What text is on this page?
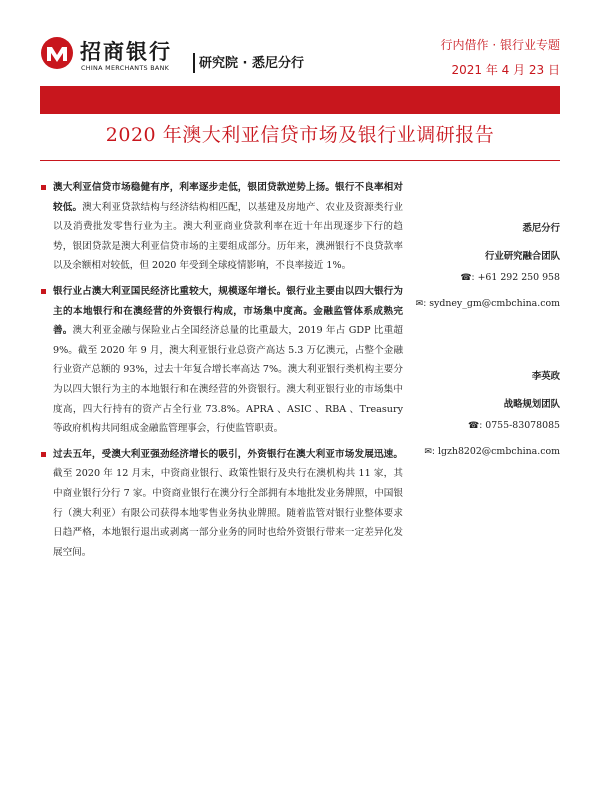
招商银行
CHINA MERCHANTS BANK 研究院 · 悉尼分行
行内借作 · 银行业专题
2021 年 4 月 23 日
2020 年澳大利亚信贷市场及银行业调研报告
澳大利亚信贷市场稳健有序，利率逐步走低，银团贷款逆势上扬。银行不良率相对较低。澳大利亚贷款结构与经济结构相匹配，以基建及房地产、农业及资源类行业以及消费批发零售行业为主。澳大利亚商业贷款利率在近十年出现逐步下行的趋势，银团贷款是澳大利亚信贷市场的主要组成部分。历年来，澳洲银行不良贷款率以及余额相对较低，但 2020 年受到全球疫情影响，不良率接近 1%。
银行业占澳大利亚国民经济比重较大，规模逐年增长。银行业主要由以四大银行为主的本地银行和在澳经营的外资银行构成，市场集中度高。金融监管体系成熟完善。澳大利亚金融与保险业占全国经济总量的比重最大，2019 年占 GDP 比重超 9%。截至 2020 年 9 月，澳大利亚银行业总资产高达 5.3 万亿澳元，占整个金融行业资产总额的 93%，过去十年复合增长率高达 7%。澳大利亚银行类机构主要分为以四大银行为主的本地银行和在澳经营的外资银行。澳大利亚银行业的市场集中度高，四大行持有的资产占全行业 73.8%。APRA 、ASIC 、RBA 、Treasury 等政府机构共同组成金融监管理事会，行使监管职责。
过去五年，受澳大利亚强劲经济增长的吸引，外资银行在澳大利亚市场发展迅速。截至 2020 年 12 月末，中资商业银行、政策性银行及央行在澳机构共 11 家，其中商业银行分行 7 家。中资商业银行在澳分行全部拥有本地批发业务牌照，中国银行（澳大利亚）有限公司获得本地零售业务执业牌照。随着监管对银行业整体要求日趋严格，本地银行退出或剥离一部分业务的同时也给外资银行带来一定差异化发展空间。
悉尼分行
行业研究融合团队
☎: +61 292 250 958
✉: sydney_gm@cmbchina.com
李英政
战略规划团队
☎: 0755-83078085
✉: lgzh8202@cmbchina.com
